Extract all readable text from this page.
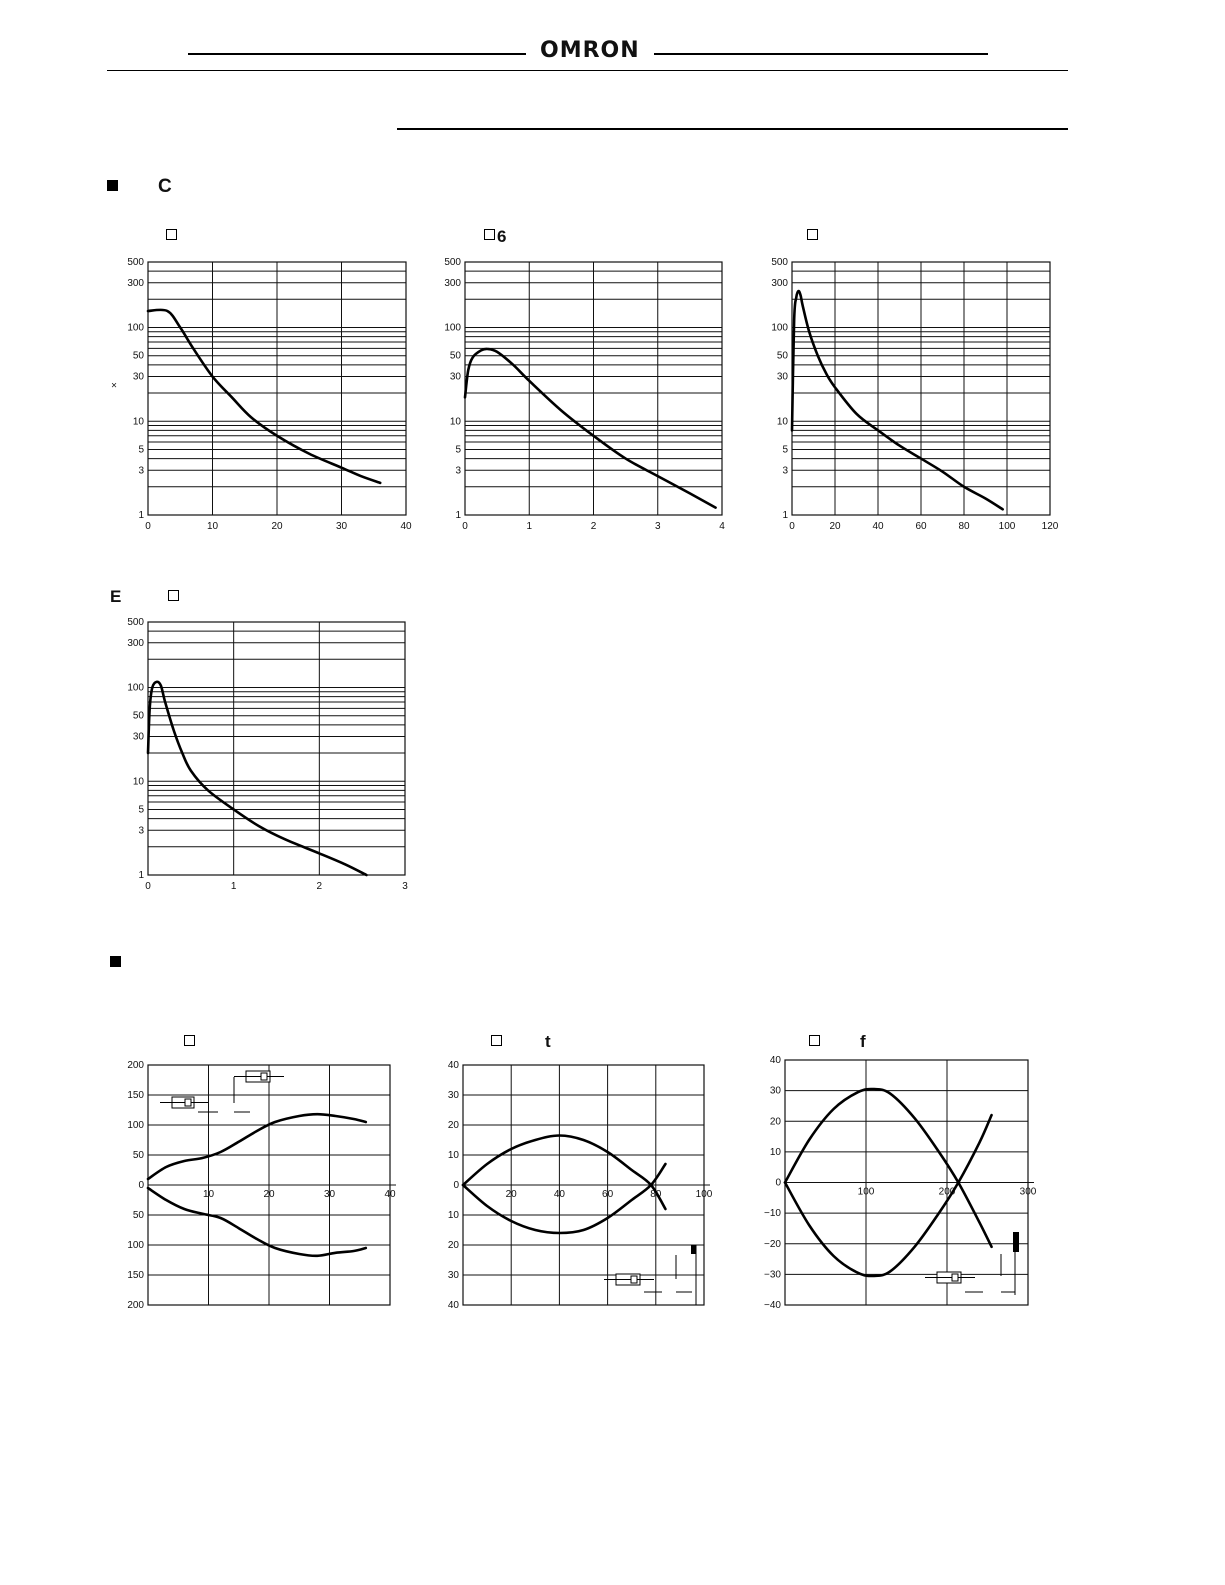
OMRON
C
6
E
t	f
500
300
100
50
30
10
5
3
1
0	10	20	30	40
×
500
300
100
50
30
10
5
3
1
0	1	2	3	4
500
300
100
50
30
10
5
3
1
0	20	40	60	80	100	120
500
300
100
50
30
10
5
3
1
0	1	2	3
200
150
100
50
0
50
100
150
200
10	20	30	40
40
30
20
10
0
10
20
30
40
20	40	60	80	100
40
30
20
10
0
−10
−20
−30
−40
100	200	300
